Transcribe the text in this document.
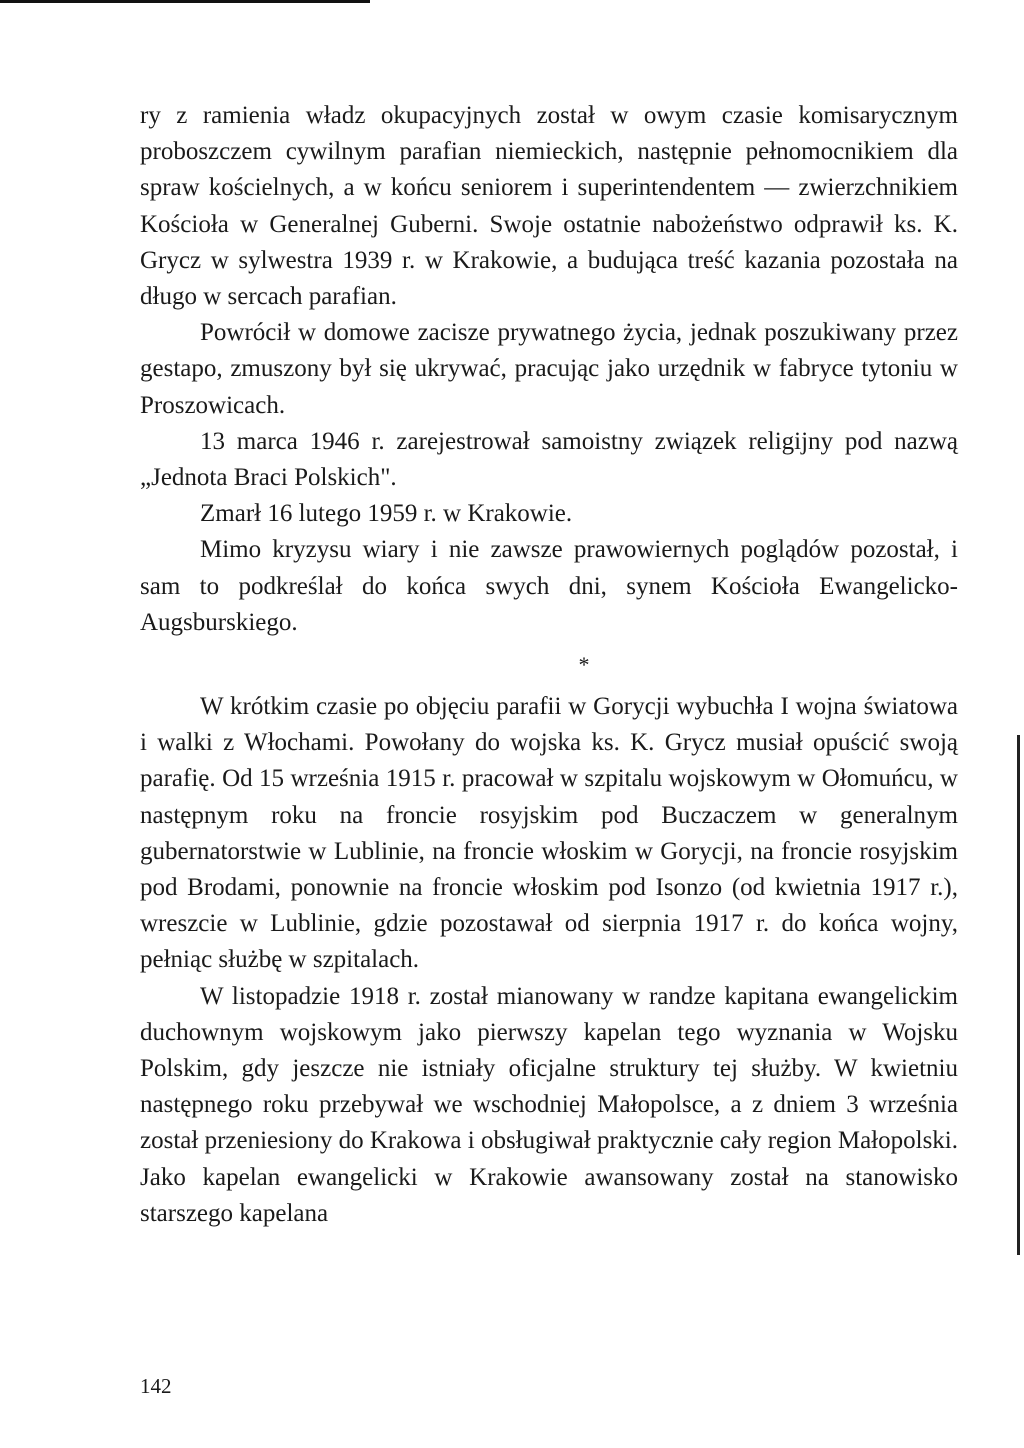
ry z ramienia władz okupacyjnych został w owym czasie komisarycznym proboszczem cywilnym parafian niemieckich, następnie pełnomocnikiem dla spraw kościelnych, a w końcu seniorem i superintendentem — zwierzchnikiem Kościoła w Generalnej Guberni. Swoje ostatnie nabożeństwo odprawił ks. K. Grycz w sylwestra 1939 r. w Krakowie, a budująca treść kazania pozostała na długo w sercach parafian.

Powrócił w domowe zacisze prywatnego życia, jednak poszukiwany przez gestapo, zmuszony był się ukrywać, pracując jako urzędnik w fabryce tytoniu w Proszowicach.

13 marca 1946 r. zarejestrował samoistny związek religijny pod nazwą „Jednota Braci Polskich".

Zmarł 16 lutego 1959 r. w Krakowie.

Mimo kryzysu wiary i nie zawsze prawowiernych poglądów pozostał, i sam to podkreślał do końca swych dni, synem Kościoła Ewangelicko-Augsburskiego.

*

W krótkim czasie po objęciu parafii w Gorycji wybuchła I wojna światowa i walki z Włochami. Powołany do wojska ks. K. Grycz musiał opuścić swoją parafię. Od 15 września 1915 r. pracował w szpitalu wojskowym w Ołomuńcu, w następnym roku na froncie rosyjskim pod Buczaczem w generalnym gubernatorstwie w Lublinie, na froncie włoskim w Gorycji, na froncie rosyjskim pod Brodami, ponownie na froncie włoskim pod Isonzo (od kwietnia 1917 r.), wreszcie w Lublinie, gdzie pozostawał od sierpnia 1917 r. do końca wojny, pełniąc służbę w szpitalach.

W listopadzie 1918 r. został mianowany w randze kapitana ewangelickim duchownym wojskowym jako pierwszy kapelan tego wyznania w Wojsku Polskim, gdy jeszcze nie istniały oficjalne struktury tej służby. W kwietniu następnego roku przebywał we wschodniej Małopolsce, a z dniem 3 września został przeniesiony do Krakowa i obsługiwał praktycznie cały region Małopolski. Jako kapelan ewangelicki w Krakowie awansowany został na stanowisko starszego kapelana

142
